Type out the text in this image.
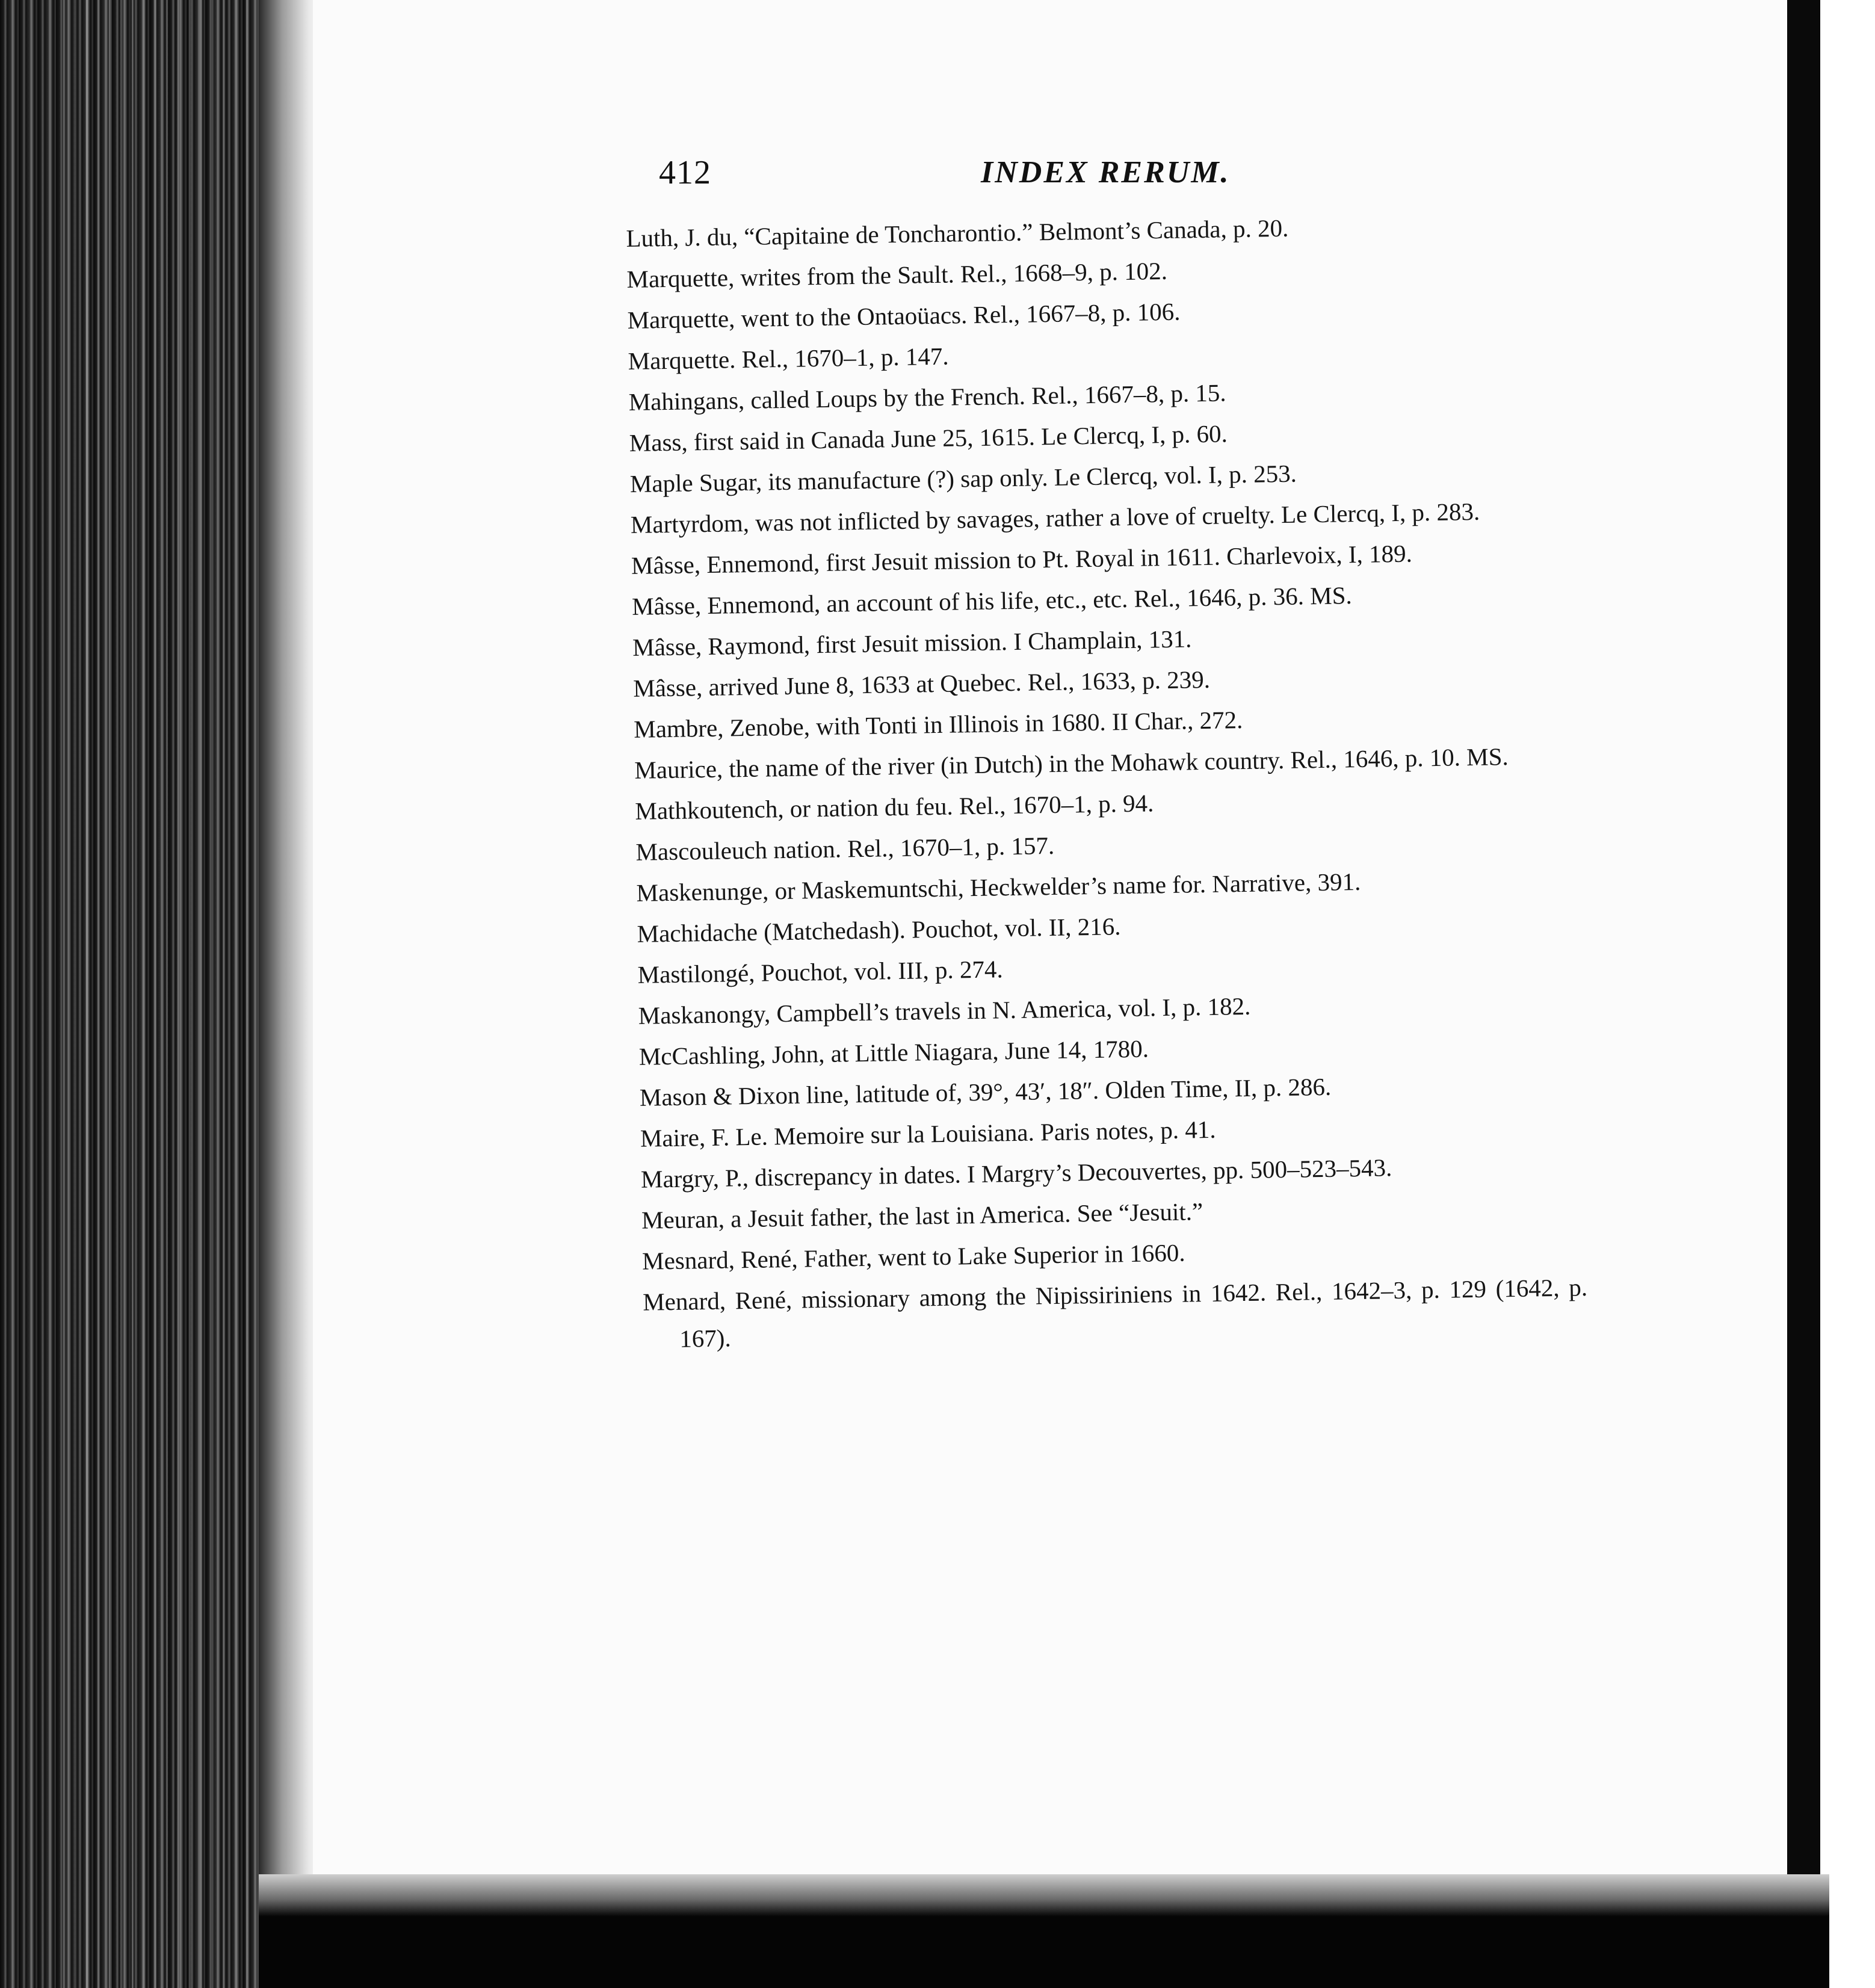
412	INDEX RERUM.
Luth, J. du, “Capitaine de Toncharontio.” Belmont’s Canada, p. 20.
Marquette, writes from the Sault. Rel., 1668–9, p. 102.
Marquette, went to the Ontaoüacs. Rel., 1667–8, p. 106.
Marquette. Rel., 1670–1, p. 147.
Mahingans, called Loups by the French. Rel., 1667–8, p. 15.
Mass, first said in Canada June 25, 1615. Le Clercq, I, p. 60.
Maple Sugar, its manufacture (?) sap only. Le Clercq, vol. I, p. 253.
Martyrdom, was not inflicted by savages, rather a love of cruelty. Le Clercq, I, p. 283.
Mâsse, Ennemond, first Jesuit mission to Pt. Royal in 1611. Charlevoix, I, 189.
Mâsse, Ennemond, an account of his life, etc., etc. Rel., 1646, p. 36. MS.
Mâsse, Raymond, first Jesuit mission. I Champlain, 131.
Mâsse, arrived June 8, 1633 at Quebec. Rel., 1633, p. 239.
Mambre, Zenobe, with Tonti in Illinois in 1680. II Char., 272.
Maurice, the name of the river (in Dutch) in the Mohawk country. Rel., 1646, p. 10. MS.
Mathkoutench, or nation du feu. Rel., 1670–1, p. 94.
Mascouleuch nation. Rel., 1670–1, p. 157.
Maskenunge, or Maskemuntschi, Heckwelder’s name for. Narrative, 391.
Machidache (Matchedash). Pouchot, vol. II, 216.
Mastilongé, Pouchot, vol. III, p. 274.
Maskanongy, Campbell’s travels in N. America, vol. I, p. 182.
McCashling, John, at Little Niagara, June 14, 1780.
Mason & Dixon line, latitude of, 39°, 43′, 18″. Olden Time, II, p. 286.
Maire, F. Le. Memoire sur la Louisiana. Paris notes, p. 41.
Margry, P., discrepancy in dates. I Margry’s Decouvertes, pp. 500–523–543.
Meuran, a Jesuit father, the last in America. See “Jesuit.”
Mesnard, René, Father, went to Lake Superior in 1660.
Menard, René, missionary among the Nipissiriniens in 1642. Rel., 1642–3, p. 129 (1642, p. 167).
